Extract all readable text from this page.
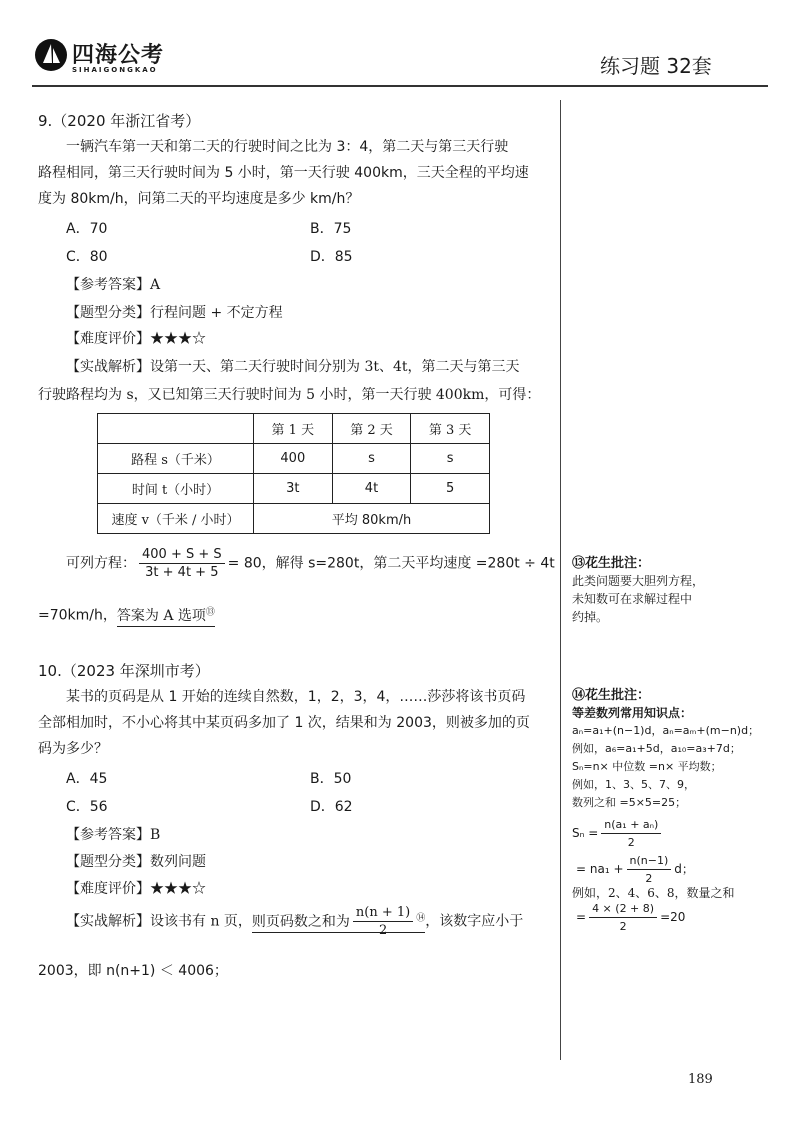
四海公考
SIHAIGONGKAO	练习题 32套
9.（2020 年浙江省考）
一辆汽车第一天和第二天的行驶时间之比为 3：4，第二天与第三天行驶
路程相同，第三天行驶时间为 5 小时，第一天行驶 400km，三天全程的平均速
度为 80km/h，问第二天的平均速度是多少 km/h？
A．70	B．75
C．80	D．85
【参考答案】A
【题型分类】行程问题 + 不定方程
【难度评价】★★★☆
【实战解析】设第一天、第二天行驶时间分别为 3t、4t，第二天与第三天
行驶路程均为 s，又已知第三天行驶时间为 5 小时，第一天行驶 400km，可得：
	第 1 天	第 2 天	第 3 天
路程 s（千米）	400	s	s
时间 t（小时）	3t	4t	5
速度 v（千米 / 小时）	平均 80km/h		
可列方程： $\frac{400 + S + S}{3t + 4t + 5} = 80$，解得 s=280t，第二天平均速度 =280t ÷ 4t
=70km/h，答案为 A 选项⑬
10.（2023 年深圳市考）
某书的页码是从 1 开始的连续自然数，1，2，3，4，……莎莎将该书页码
全部相加时，不小心将其中某页码多加了 1 次，结果和为 2003，则被多加的页
码为多少？
A．45	B．50
C．56	D．62
【参考答案】B
【题型分类】数列问题
【难度评价】★★★☆
【实战解析】设该书有 n 页，则页码数之和为 $\frac{n(n + 1)}{2} ^⑭$，该数字应小于
2003，即 n(n+1) ＜ 4006；
⑬花生批注：
此类问题要大胆列方程，
未知数可在求解过程中
约掉。
⑭花生批注：
等差数列常用知识点：
aₙ=a₁+(n−1)d，aₙ=aₘ+(m−n)d；
例如，a₆=a₁+5d，a₁₀=a₃+7d；
Sₙ=n× 中位数 =n× 平均数；
例如，1、3、5、7、9，
数列之和 =5×5=25；
$S_n = \frac{\text{n(a₁ + aₙ)}}{2}$
= $na_1 + \frac{n(n-1)}{2}$ d；
例如，2、4、6、8，数量之和
= $\frac{4 \times (2 + 8)}{2} =20$
189
